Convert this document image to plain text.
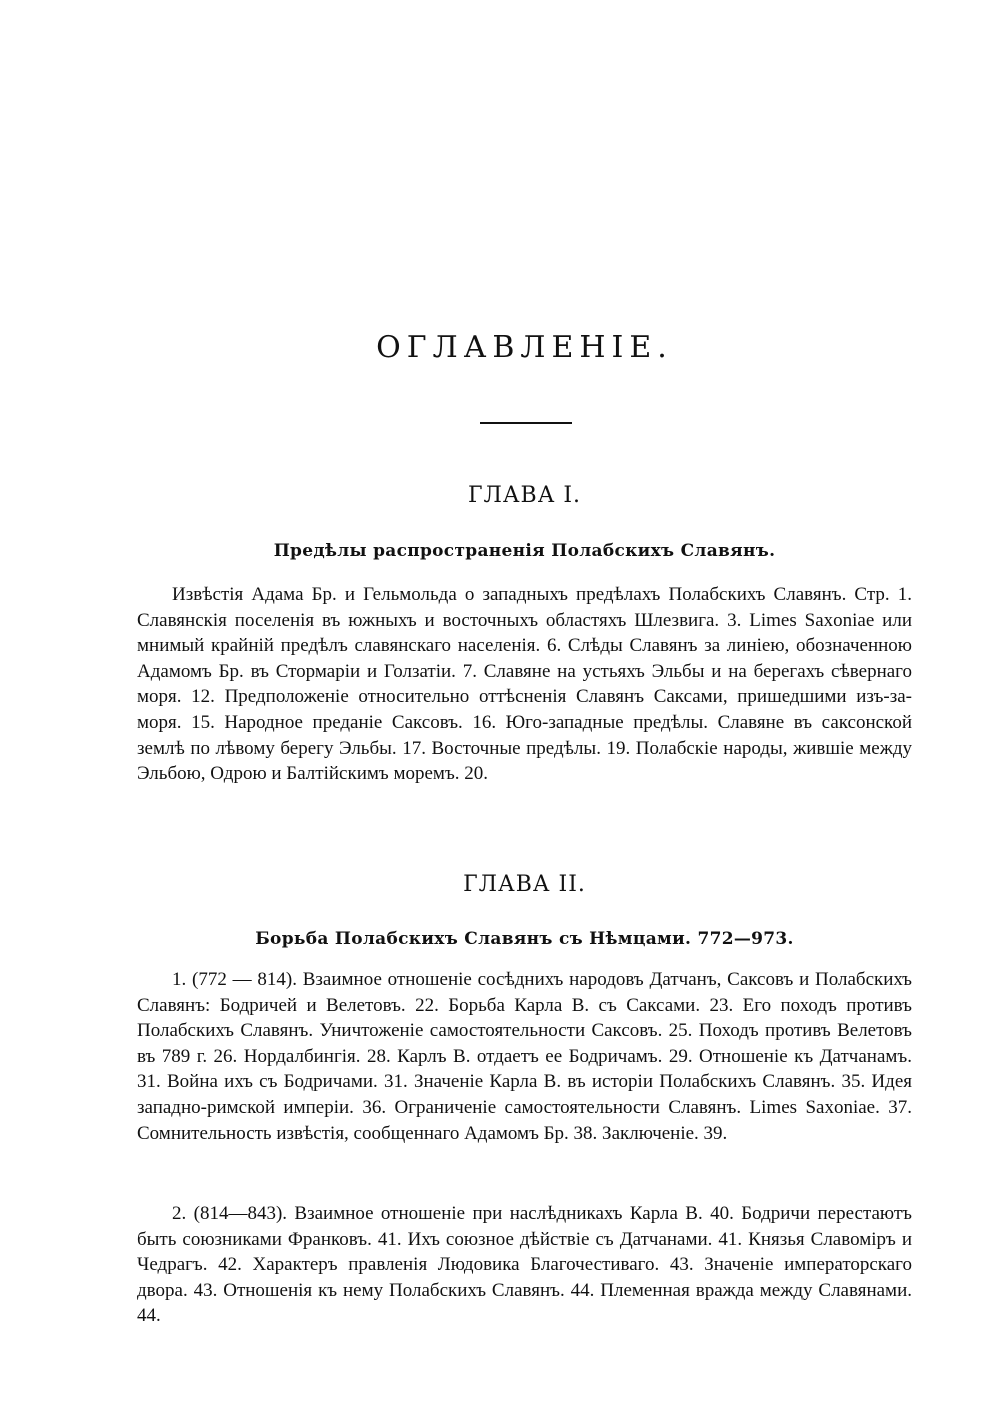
ОГЛАВЛЕНІЕ.
ГЛАВА I.
Предѣлы распространенія Полабскихъ Славянъ.

Извѣстія Адама Бр. и Гельмольда о западныхъ предѣлахъ Полабскихъ Славянъ. Стр. 1. Славянскія поселенія въ южныхъ и восточныхъ областяхъ Шлезвига. 3. Limes Saxoniae или мнимый крайній предѣлъ славянскаго населенія. 6. Слѣды Славянъ за линіею, обозначенною Адамомъ Бр. въ Стормаріи и Голзатіи. 7. Славяне на устьяхъ Эльбы и на берегахъ сѣвернаго моря. 12. Предположеніе относительно оттѣсненія Славянъ Саксами, пришедшими изъ-за-моря. 15. Народное преданіе Саксовъ. 16. Юго-западные предѣлы. Славяне въ саксонской землѣ по лѣвому берегу Эльбы. 17. Восточные предѣлы. 19. Полабскіе народы, жившіе между Эльбою, Одрою и Балтійскимъ моремъ. 20.

ГЛАВА II.
Борьба Полабскихъ Славянъ съ Нѣмцами. 772—973.

1. (772 — 814). Взаимное отношеніе сосѣднихъ народовъ Датчанъ, Саксовъ и Полабскихъ Славянъ: Бодричей и Велетовъ. 22. Борьба Карла В. съ Саксами. 23. Его походъ противъ Полабскихъ Славянъ. Уничтоженіе самостоятельности Саксовъ. 25. Походъ противъ Велетовъ въ 789 г. 26. Нордалбингія. 28. Карлъ В. отдаетъ ее Бодричамъ. 29. Отношеніе къ Датчанамъ. 31. Война ихъ съ Бодричами. 31. Значеніе Карла В. въ исторіи Полабскихъ Славянъ. 35. Идея западно-римской имперіи. 36. Ограниченіе самостоятельности Славянъ. Limes Saxoniae. 37. Сомнительность извѣстія, сообщеннаго Адамомъ Бр. 38. Заключеніе. 39.

2. (814—843). Взаимное отношеніе при наслѣдникахъ Карла В. 40. Бодричи перестаютъ быть союзниками Франковъ. 41. Ихъ союзное дѣйствіе съ Датчанами. 41. Князья Славоміръ и Чедрагъ. 42. Характеръ правленія Людовика Благочестиваго. 43. Значеніе императорскаго двора. 43. Отношенія къ нему Полабскихъ Славянъ. 44. Племенная вражда между Славянами. 44.
